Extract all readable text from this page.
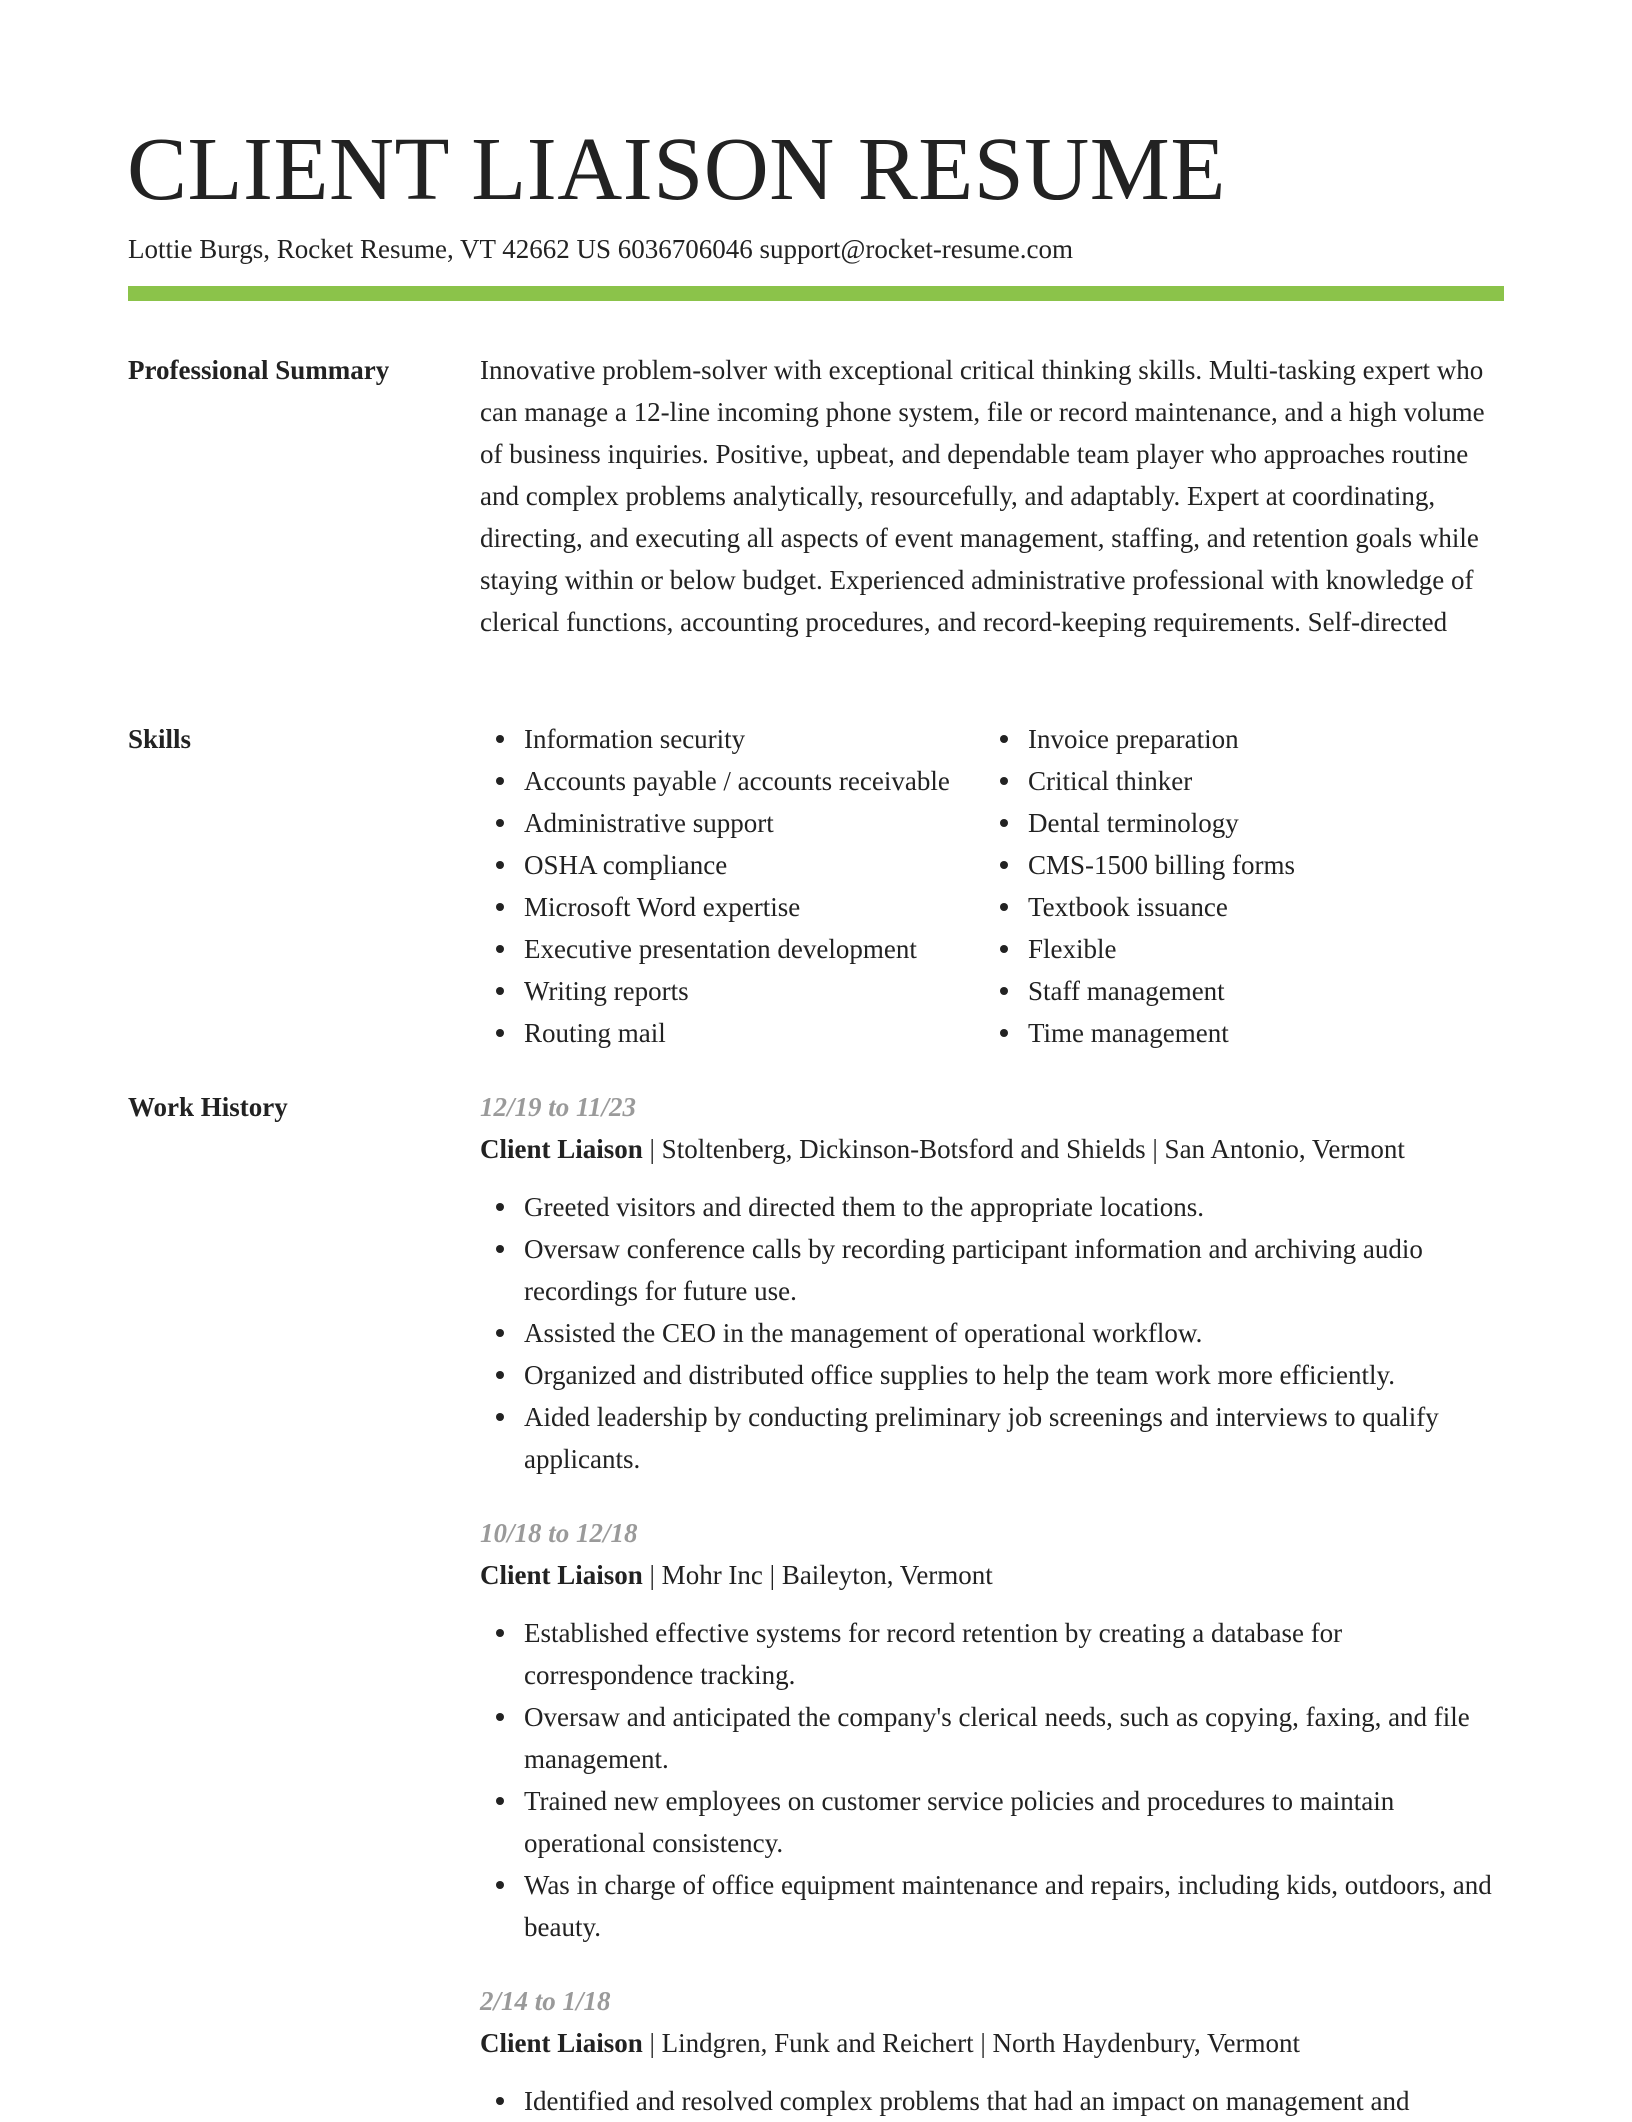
CLIENT LIAISON RESUME
Lottie Burgs, Rocket Resume, VT 42662 US 6036706046 support@rocket-resume.com
Professional Summary	Innovative problem-solver with exceptional critical thinking skills. Multi-tasking expert who can manage a 12-line incoming phone system, file or record maintenance, and a high volume of business inquiries. Positive, upbeat, and dependable team player who approaches routine and complex problems analytically, resourcefully, and adaptably. Expert at coordinating, directing, and executing all aspects of event management, staffing, and retention goals while staying within or below budget. Experienced administrative professional with knowledge of clerical functions, accounting procedures, and record-keeping requirements. Self-directed

Skills	Information security
Accounts payable / accounts receivable
Administrative support
OSHA compliance
Microsoft Word expertise
Executive presentation development
Writing reports
Routing mail
Invoice preparation
Critical thinker
Dental terminology
CMS-1500 billing forms
Textbook issuance
Flexible
Staff management
Time management
Work History	12/19 to 11/23
Client Liaison | Stoltenberg, Dickinson-Botsford and Shields | San Antonio, Vermont
Greeted visitors and directed them to the appropriate locations.
Oversaw conference calls by recording participant information and archiving audio recordings for future use.
Assisted the CEO in the management of operational workflow.
Organized and distributed office supplies to help the team work more efficiently.
Aided leadership by conducting preliminary job screenings and interviews to qualify applicants.
10/18 to 12/18
Client Liaison | Mohr Inc | Baileyton, Vermont
Established effective systems for record retention by creating a database for correspondence tracking.
Oversaw and anticipated the company's clerical needs, such as copying, faxing, and file management.
Trained new employees on customer service policies and procedures to maintain operational consistency.
Was in charge of office equipment maintenance and repairs, including kids, outdoors, and beauty.
2/14 to 1/18
Client Liaison | Lindgren, Funk and Reichert | North Haydenbury, Vermont
Identified and resolved complex problems that had an impact on management and
